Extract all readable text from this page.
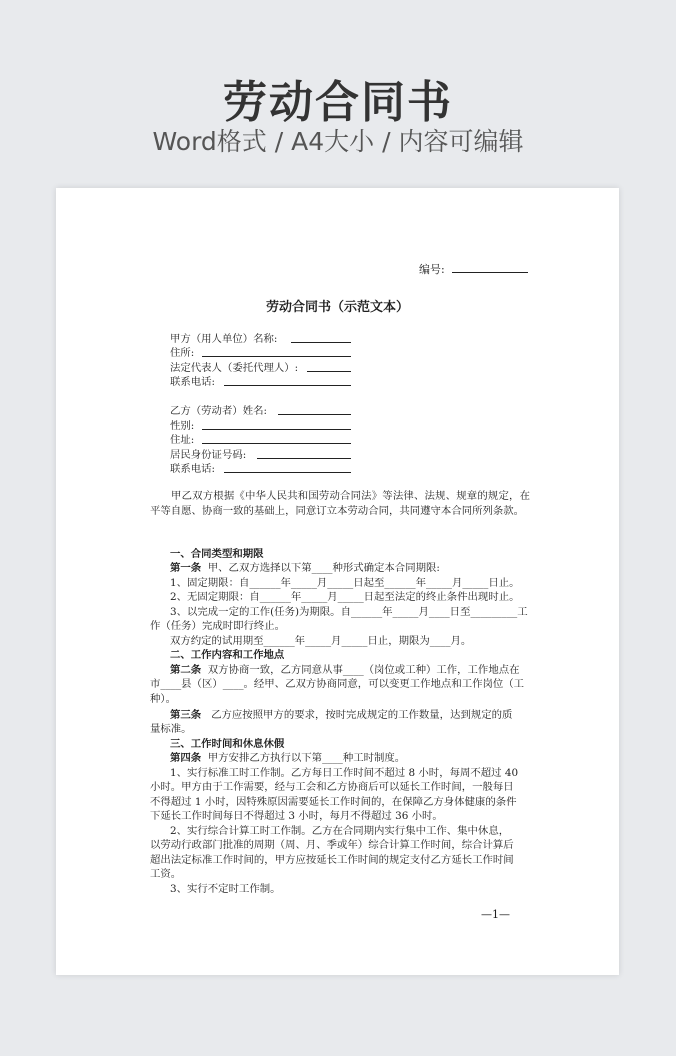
劳动合同书
Word格式 / A4大小 / 内容可编辑
编号:
劳动合同书（示范文本）
甲方（用人单位）名称:
住所:
法定代表人（委托代理人）:
联系电话:
乙方（劳动者）姓名:
性别:
住址:
居民身份证号码:
联系电话:
甲乙双方根据《中华人民共和国劳动合同法》等法律、法规、规章的规定，在平等自愿、协商一致的基础上，同意订立本劳动合同，共同遵守本合同所列条款。
一、合同类型和期限
第一条 甲、乙双方选择以下第____种形式确定本合同期限:
1、固定期限：自______年_____月_____日起至______年_____月_____日止。
2、无固定期限：自______年_____月_____日起至法定的终止条件出现时止。
3、以完成一定的工作(任务)为期限。自______年_____月____日至_________工
作（任务）完成时即行终止。
双方约定的试用期至______年_____月_____日止，期限为____月。
二、工作内容和工作地点
第二条 双方协商一致，乙方同意从事____（岗位或工种）工作，工作地点在
市____县（区）____。经甲、乙双方协商同意，可以变更工作地点和工作岗位（工
种）。
第三条 乙方应按照甲方的要求，按时完成规定的工作数量，达到规定的质
量标准。
三、工作时间和休息休假
第四条 甲方安排乙方执行以下第____种工时制度。
1、实行标准工时工作制。乙方每日工作时间不超过 8 小时，每周不超过 40
小时。甲方由于工作需要，经与工会和乙方协商后可以延长工作时间，一般每日
不得超过 1 小时，因特殊原因需要延长工作时间的，在保障乙方身体健康的条件
下延长工作时间每日不得超过 3 小时，每月不得超过 36 小时。
2、实行综合计算工时工作制。乙方在合同期内实行集中工作、集中休息，
以劳动行政部门批准的周期（周、月、季或年）综合计算工作时间，综合计算后
超出法定标准工作时间的，甲方应按延长工作时间的规定支付乙方延长工作时间
工资。
3、实行不定时工作制。
—1—
